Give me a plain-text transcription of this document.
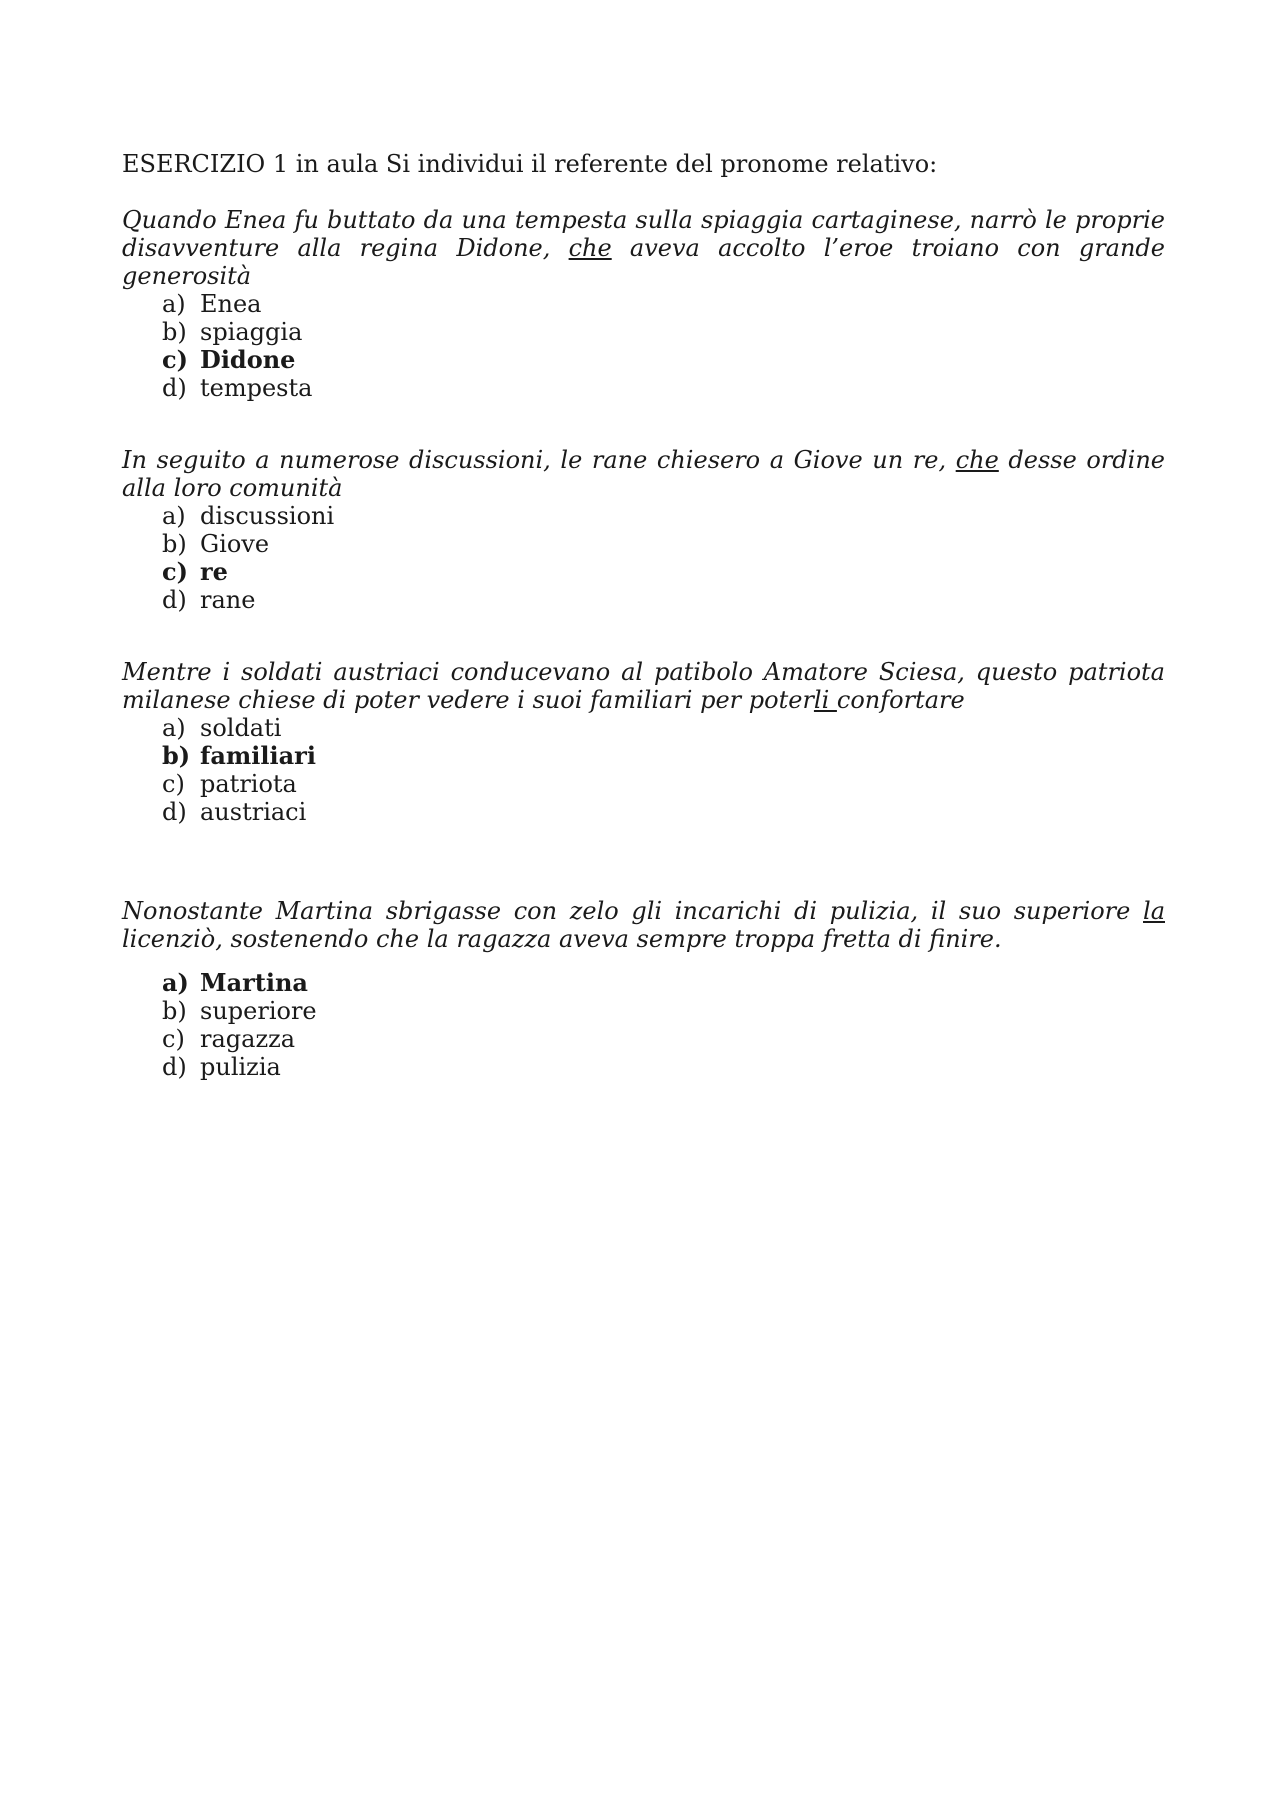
ESERCIZIO 1 in aula Si individui il referente del pronome relativo:

Quando Enea fu buttato da una tempesta sulla spiaggia cartaginese, narrò le proprie disavventure alla regina Didone, che aveva accolto l’eroe troiano con grande generosità

a) Enea
b) spiaggia
c) Didone
d) tempesta

In seguito a numerose discussioni, le rane chiesero a Giove un re, che desse ordine alla loro comunità

a) discussioni
b) Giove
c) re
d) rane

Mentre i soldati austriaci conducevano al patibolo Amatore Sciesa, questo patriota milanese chiese di poter vedere i suoi familiari per poterli confortare

a) soldati
b) familiari
c) patriota
d) austriaci

Nonostante Martina sbrigasse con zelo gli incarichi di pulizia, il suo superiore la licenziò, sostenendo che la ragazza aveva sempre troppa fretta di finire.

a) Martina
b) superiore
c) ragazza
d) pulizia
